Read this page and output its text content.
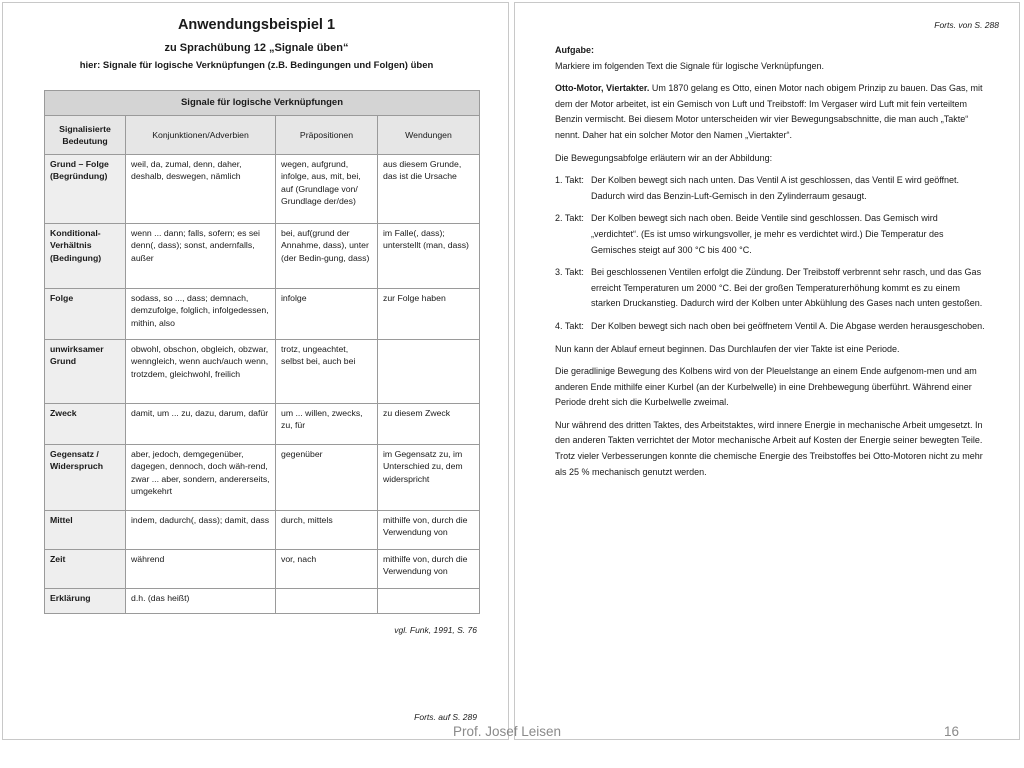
Anwendungsbeispiel 1
zu Sprachübung 12 „Signale üben“
hier: Signale für logische Verknüpfungen (z.B. Bedingungen und Folgen) üben
Signale für logische Verknüpfungen			
Signalisierte Bedeutung	Konjunktionen/Adverbien	Präpositionen	Wendungen
Grund – Folge (Begründung)	weil, da, zumal, denn, daher, deshalb, deswegen, nämlich	wegen, aufgrund, infolge, aus, mit, bei, auf (Grundlage von/ Grundlage der/des)	aus diesem Grunde, das ist die Ursache
Konditional-Verhältnis (Bedingung)	wenn ... dann; falls, sofern; es sei denn(, dass); sonst, andernfalls, außer	bei, auf(grund der Annahme, dass), unter (der Bedin-gung, dass)	im Falle(, dass); unterstellt (man, dass)
Folge	sodass, so ..., dass; demnach, demzufolge, folglich, infolgedessen, mithin, also	infolge	zur Folge haben
unwirksamer Grund	obwohl, obschon, obgleich, obzwar, wenngleich, wenn auch/auch wenn, trotzdem, gleichwohl, freilich	trotz, ungeachtet, selbst bei, auch bei	
Zweck	damit, um ... zu, dazu, darum, dafür	um ... willen, zwecks, zu, für	zu diesem Zweck
Gegensatz / Widerspruch	aber, jedoch, demgegenüber, dagegen, dennoch, doch wäh-rend, zwar ... aber, sondern, andererseits, umgekehrt	gegenüber	im Gegensatz zu, im Unterschied zu, dem widerspricht
Mittel	indem, dadurch(, dass); damit, dass	durch, mittels	mithilfe von, durch die Verwendung von
Zeit	während	vor, nach	mithilfe von, durch die Verwendung von
Erklärung	d.h. (das heißt)		
vgl. Funk, 1991, S. 76
Forts. auf S. 289
Forts. von S. 288
Aufgabe:

Markiere im folgenden Text die Signale für logische Verknüpfungen.

Otto-Motor, Viertakter. Um 1870 gelang es Otto, einen Motor nach obigem Prinzip zu bauen. Das Gas, mit dem der Motor arbeitet, ist ein Gemisch von Luft und Treibstoff: Im Vergaser wird Luft mit fein verteiltem Benzin vermischt. Bei diesem Motor unterscheiden wir vier Bewegungsabschnitte, die man auch „Takte“ nennt. Daher hat ein solcher Motor den Namen „Viertakter“.

Die Bewegungsabfolge erläutern wir an der Abbildung:

1. Takt: Der Kolben bewegt sich nach unten. Das Ventil A ist geschlossen, das Ventil E wird geöffnet. Dadurch wird das Benzin-Luft-Gemisch in den Zylinderraum gesaugt.
2. Takt: Der Kolben bewegt sich nach oben. Beide Ventile sind geschlossen. Das Gemisch wird „verdichtet“. (Es ist umso wirkungsvoller, je mehr es verdichtet wird.) Die Temperatur des Gemisches steigt auf 300 °C bis 400 °C.
3. Takt: Bei geschlossenen Ventilen erfolgt die Zündung. Der Treibstoff verbrennt sehr rasch, und das Gas erreicht Temperaturen um 2000 °C. Bei der großen Temperaturerhöhung kommt es zu einem starken Druckanstieg. Dadurch wird der Kolben unter Abkühlung des Gases nach unten gestoßen.
4. Takt: Der Kolben bewegt sich nach oben bei geöffnetem Ventil A. Die Abgase werden herausgeschoben.

Nun kann der Ablauf erneut beginnen. Das Durchlaufen der vier Takte ist eine Periode.

Die geradlinige Bewegung des Kolbens wird von der Pleuelstange an einem Ende aufgenom-men und am anderen Ende mithilfe einer Kurbel (an der Kurbelwelle) in eine Drehbewegung überführt. Während einer Periode dreht sich die Kurbelwelle zweimal.

Nur während des dritten Taktes, des Arbeitstaktes, wird innere Energie in mechanische Arbeit umgesetzt. In den anderen Takten verrichtet der Motor mechanische Arbeit auf Kosten der Energie seiner bewegten Teile. Trotz vieler Verbesserungen konnte die chemische Energie des Treibstoffes bei Otto-Motoren nicht zu mehr als 25 % mechanisch genutzt werden.

Prof. Josef Leisen	16
